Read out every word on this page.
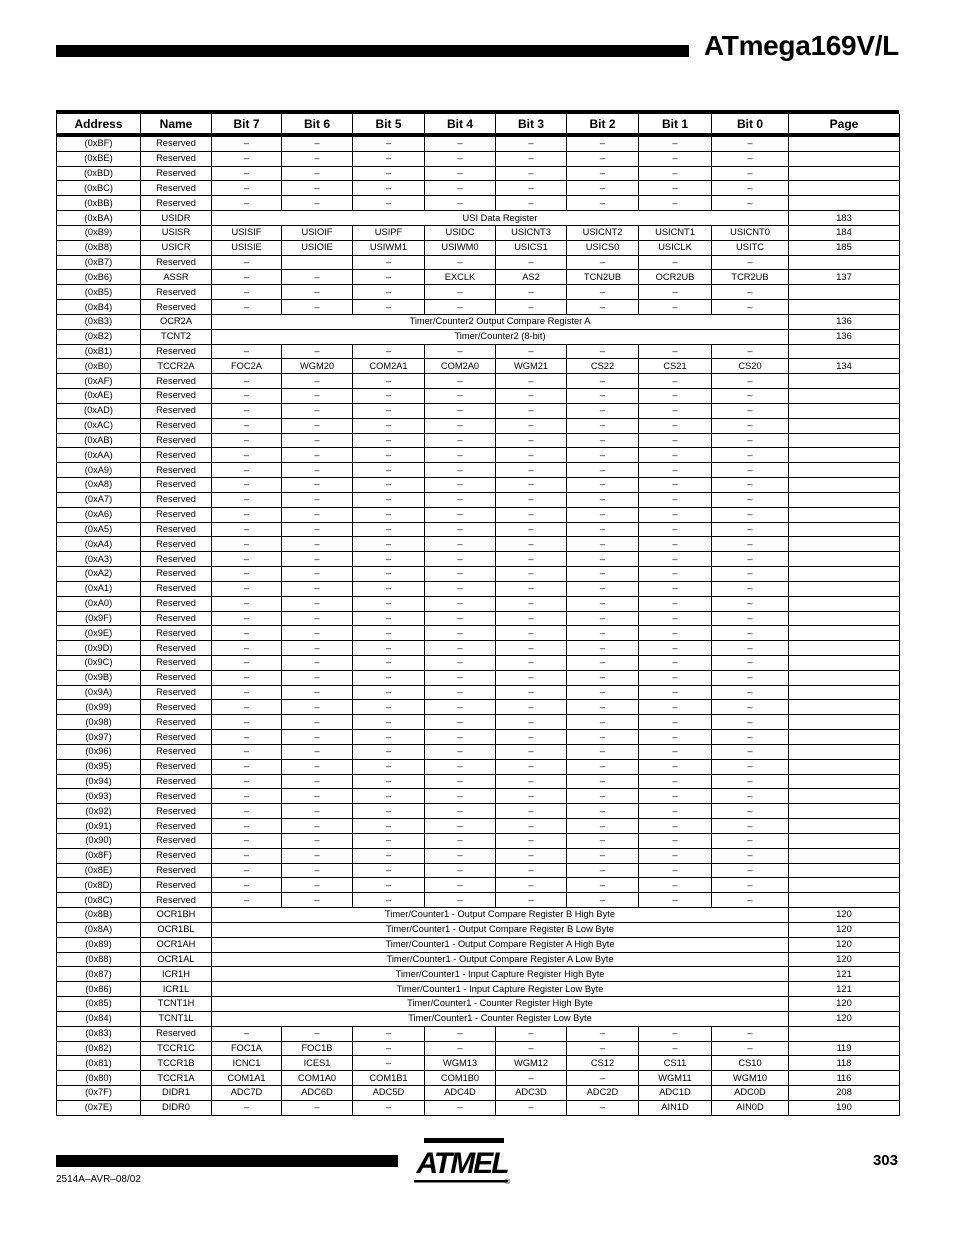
ATmega169V/L
Address	Name	Bit 7	Bit 6	Bit 5	Bit 4	Bit 3	Bit 2	Bit 1	Bit 0	Page
(0xBF)	Reserved	–	–	–	–	–	–	–	–	
(0xBE)	Reserved	–	–	–	–	–	–	–	–	
(0xBD)	Reserved	–	–	–	–	–	–	–	–	
(0xBC)	Reserved	–	–	–	–	–	–	–	–	
(0xBB)	Reserved	–	–	–	–	–	–	–	–	
(0xBA)	USIDR	USI Data Register								183
(0xB9)	USISR	USISIF	USIOIF	USIPF	USIDC	USICNT3	USICNT2	USICNT1	USICNT0	184
(0xB8)	USICR	USISIE	USIOIE	USIWM1	USIWM0	USICS1	USICS0	USICLK	USITC	185
(0xB7)	Reserved	–		–	–	–	–	–	–	
(0xB6)	ASSR	–	–	–	EXCLK	AS2	TCN2UB	OCR2UB	TCR2UB	137
(0xB5)	Reserved	–	–	–	–	–	–	–	–	
(0xB4)	Reserved	–	–	–	–	–	–	–	–	
(0xB3)	OCR2A	Timer/Counter2 Output Compare Register A								136
(0xB2)	TCNT2	Timer/Counter2 (8-bit)								136
(0xB1)	Reserved	–	–	–	–	–	–	–	–	
(0xB0)	TCCR2A	FOC2A	WGM20	COM2A1	COM2A0	WGM21	CS22	CS21	CS20	134
(0xAF)	Reserved	–	–	–	–	–	–	–	–	
(0xAE)	Reserved	–	–	–	–	–	–	–	–	
(0xAD)	Reserved	–	–	–	–	–	–	–	–	
(0xAC)	Reserved	–	–	–	–	–	–	–	–	
(0xAB)	Reserved	–	–	–	–	–	–	–	–	
(0xAA)	Reserved	–	–	–	–	–	–	–	–	
(0xA9)	Reserved	–	–	–	–	–	–	–	–	
(0xA8)	Reserved	–	–	–	–	–	–	–	–	
(0xA7)	Reserved	–	–	–	–	–	–	–	–	
(0xA6)	Reserved	–	–	–	–	–	–	–	–	
(0xA5)	Reserved	–	–	–	–	–	–	–	–	
(0xA4)	Reserved	–	–	–	–	–	–	–	–	
(0xA3)	Reserved	–	–	–	–	–	–	–	–	
(0xA2)	Reserved	–	–	–	–	–	–	–	–	
(0xA1)	Reserved	–	–	–	–	–	–	–	–	
(0xA0)	Reserved	–	–	–	–	–	–	–	–	
(0x9F)	Reserved	–	–	–	–	–	–	–	–	
(0x9E)	Reserved	–	–	–	–	–	–	–	–	
(0x9D)	Reserved	–	–	–	–	–	–	–	–	
(0x9C)	Reserved	–	–	–	–	–	–	–	–	
(0x9B)	Reserved	–	–	–	–	–	–	–	–	
(0x9A)	Reserved	–	–	–	–	–	–	–	–	
(0x99)	Reserved	–	–	–	–	–	–	–	–	
(0x98)	Reserved	–	–	–	–	–	–	–	–	
(0x97)	Reserved	–	–	–	–	–	–	–	–	
(0x96)	Reserved	–	–	–	–	–	–	–	–	
(0x95)	Reserved	–	–	–	–	–	–	–	–	
(0x94)	Reserved	–	–	–	–	–	–	–	–	
(0x93)	Reserved	–	–	–	–	–	–	–	–	
(0x92)	Reserved	–	–	–	–	–	–	–	–	
(0x91)	Reserved	–	–	–	–	–	–	–	–	
(0x90)	Reserved	–	–	–	–	–	–	–	–	
(0x8F)	Reserved	–	–	–	–	–	–	–	–	
(0x8E)	Reserved	–	–	–	–	–	–	–	–	
(0x8D)	Reserved	–	–	–	–	–	–	–	–	
(0x8C)	Reserved	–	–	–	–	–	–	–	–	
(0x8B)	OCR1BH	Timer/Counter1 - Output Compare Register B High Byte								120
(0x8A)	OCR1BL	Timer/Counter1 - Output Compare Register B Low Byte								120
(0x89)	OCR1AH	Timer/Counter1 - Output Compare Register A High Byte								120
(0x88)	OCR1AL	Timer/Counter1 - Output Compare Register A Low Byte								120
(0x87)	ICR1H	Timer/Counter1 - Input Capture Register High Byte								121
(0x86)	ICR1L	Timer/Counter1 - Input Capture Register Low Byte								121
(0x85)	TCNT1H	Timer/Counter1 - Counter Register High Byte								120
(0x84)	TCNT1L	Timer/Counter1 - Counter Register Low Byte								120
(0x83)	Reserved	–	–	–	–	–	–	–	–	
(0x82)	TCCR1C	FOC1A	FOC1B	–	–	–	–	–	–	119
(0x81)	TCCR1B	ICNC1	ICES1	–	WGM13	WGM12	CS12	CS11	CS10	118
(0x80)	TCCR1A	COM1A1	COM1A0	COM1B1	COM1B0	–	–	WGM11	WGM10	116
(0x7F)	DIDR1	ADC7D	ADC6D	ADC5D	ADC4D	ADC3D	ADC2D	ADC1D	ADC0D	208
(0x7E)	DIDR0	–	–	–	–	–	–	AIN1D	AIN0D	190
ATMEL
®
303
2514A–AVR–08/02
